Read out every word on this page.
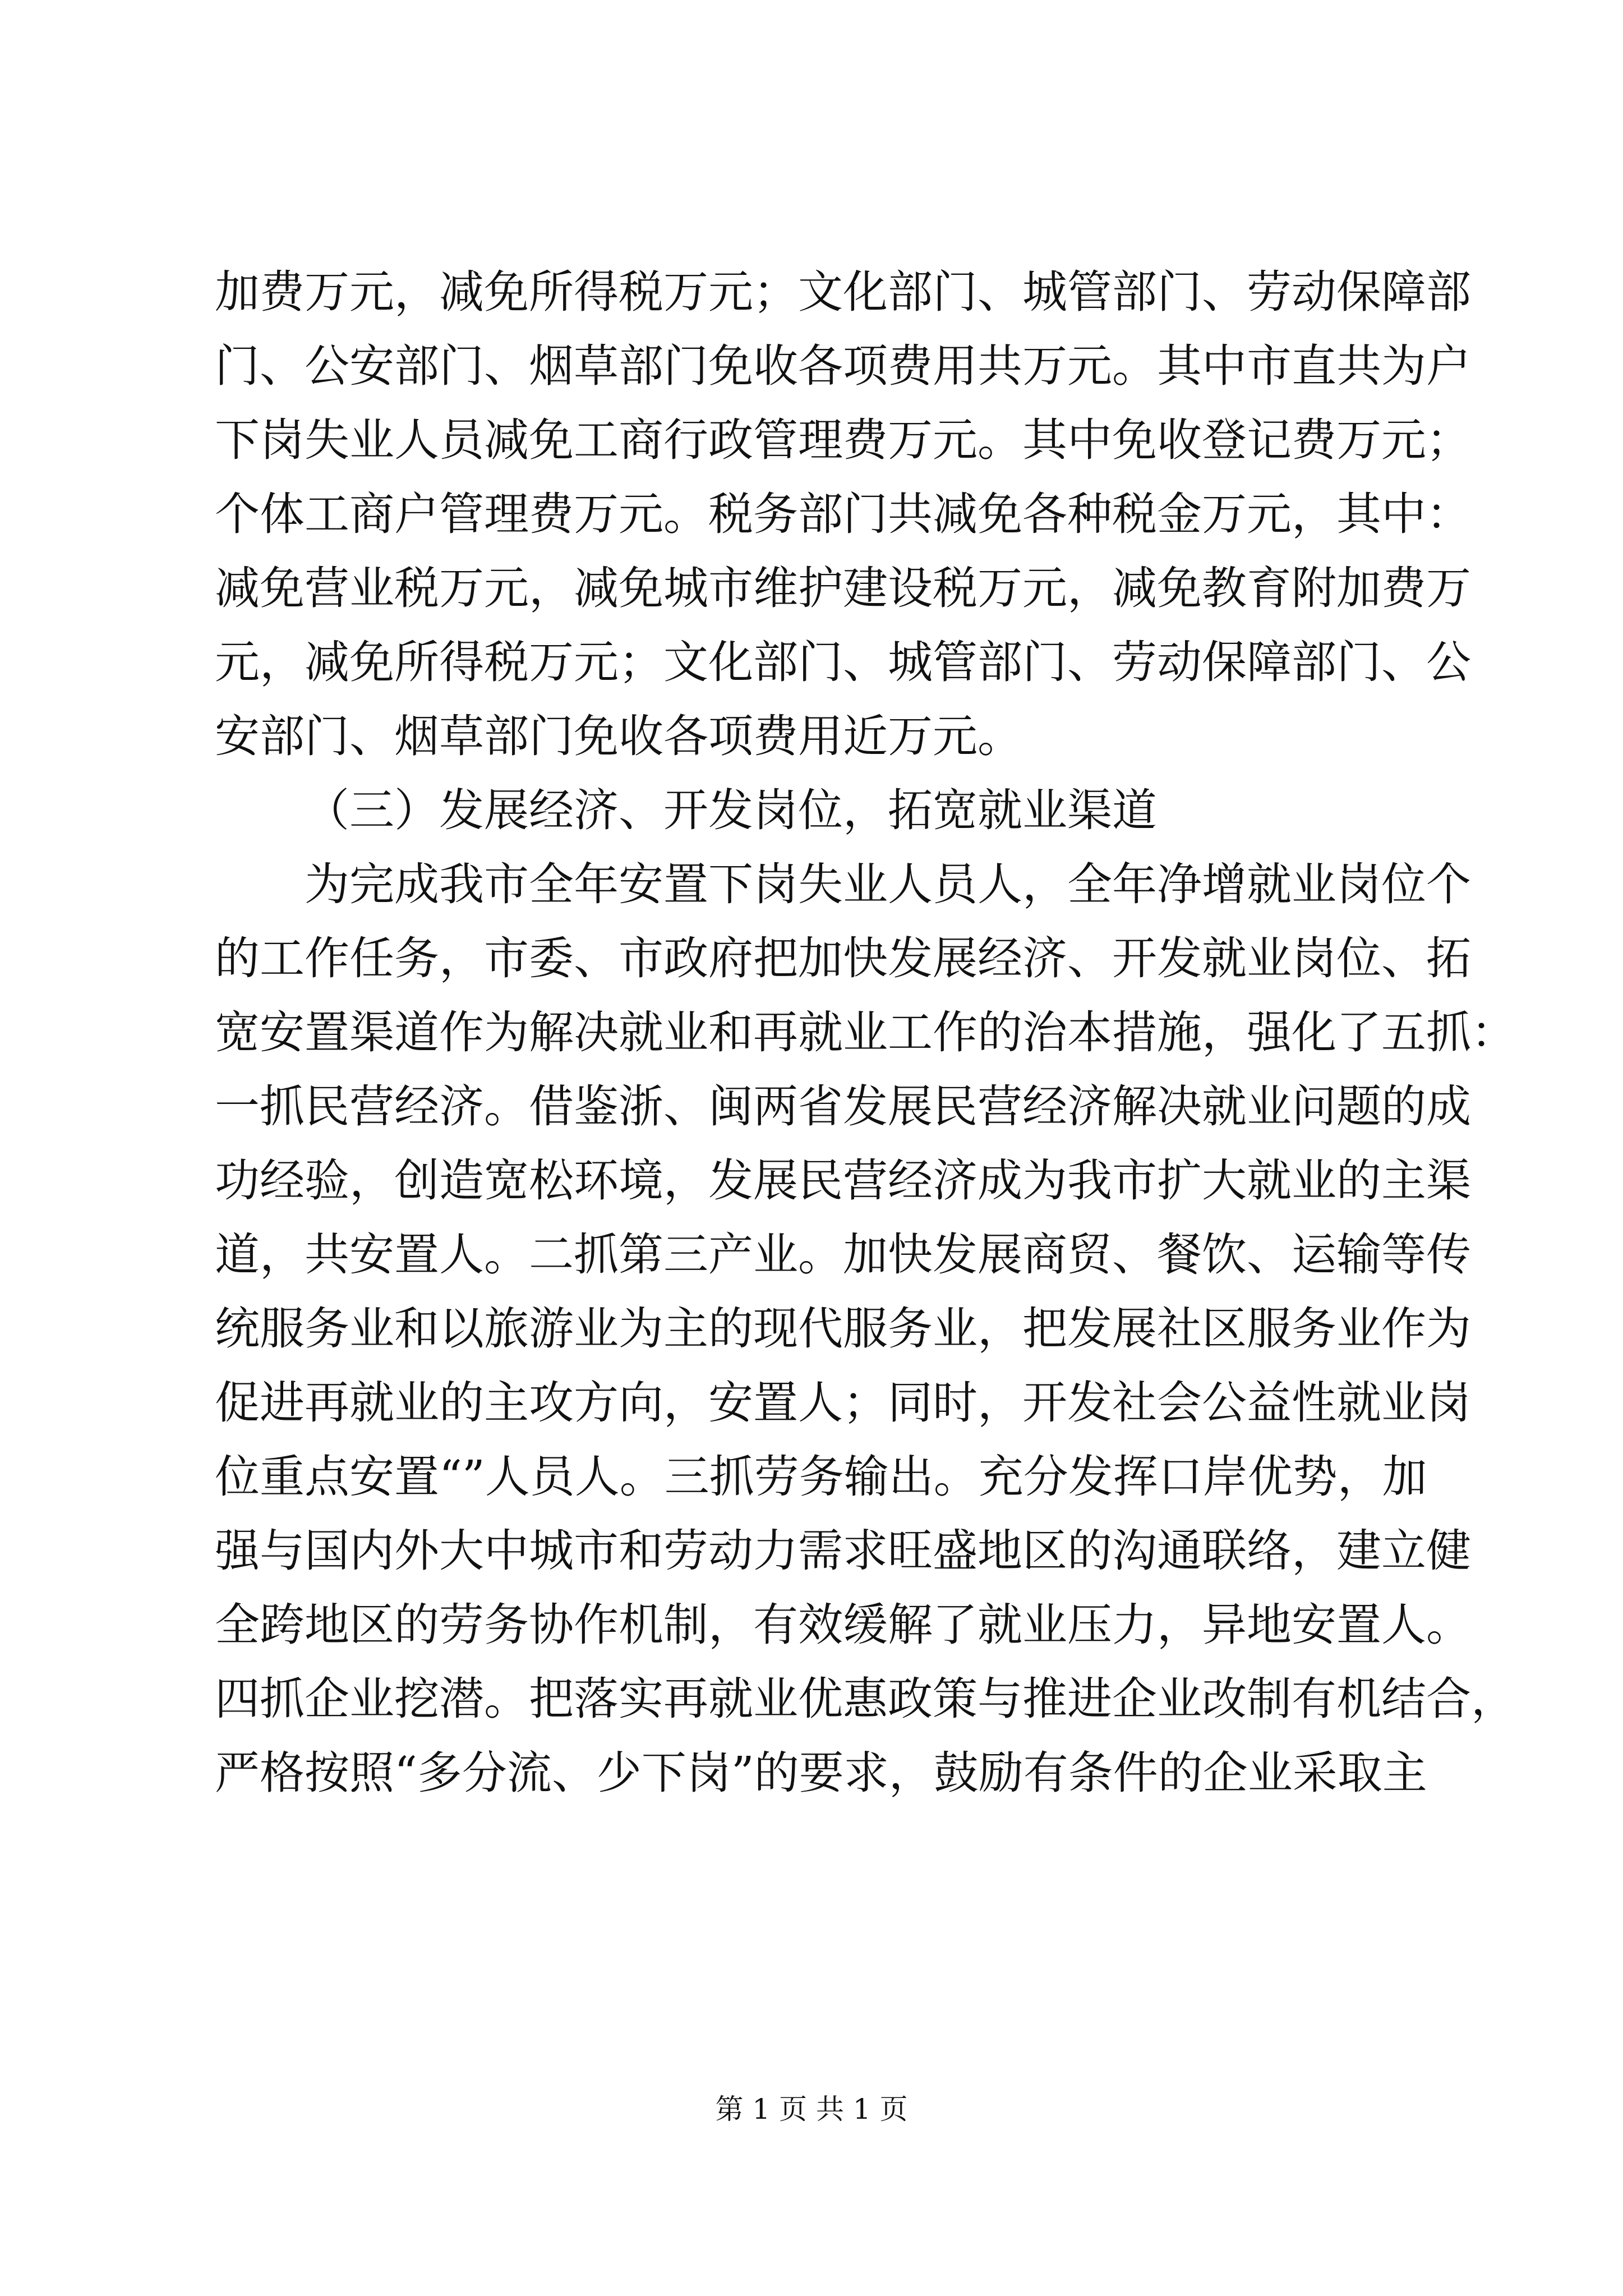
加费万元，减免所得税万元；文化部门、城管部门、劳动保障部
门、公安部门、烟草部门免收各项费用共万元。其中市直共为户
下岗失业人员减免工商行政管理费万元。其中免收登记费万元；
个体工商户管理费万元。税务部门共减免各种税金万元，其中：
减免营业税万元，减免城市维护建设税万元，减免教育附加费万
元，减免所得税万元；文化部门、城管部门、劳动保障部门、公
安部门、烟草部门免收各项费用近万元。
（三）发展经济、开发岗位，拓宽就业渠道
为完成我市全年安置下岗失业人员人，全年净增就业岗位个
的工作任务，市委、市政府把加快发展经济、开发就业岗位、拓
宽安置渠道作为解决就业和再就业工作的治本措施，强化了五抓：
一抓民营经济。借鉴浙、闽两省发展民营经济解决就业问题的成
功经验，创造宽松环境，发展民营经济成为我市扩大就业的主渠
道，共安置人。二抓第三产业。加快发展商贸、餐饮、运输等传
统服务业和以旅游业为主的现代服务业，把发展社区服务业作为
促进再就业的主攻方向，安置人；同时，开发社会公益性就业岗
位重点安置“”人员人。三抓劳务输出。充分发挥口岸优势，加
强与国内外大中城市和劳动力需求旺盛地区的沟通联络，建立健
全跨地区的劳务协作机制，有效缓解了就业压力，异地安置人。
四抓企业挖潜。把落实再就业优惠政策与推进企业改制有机结合，
严格按照“多分流、少下岗”的要求，鼓励有条件的企业采取主
第 1 页 共 1 页
